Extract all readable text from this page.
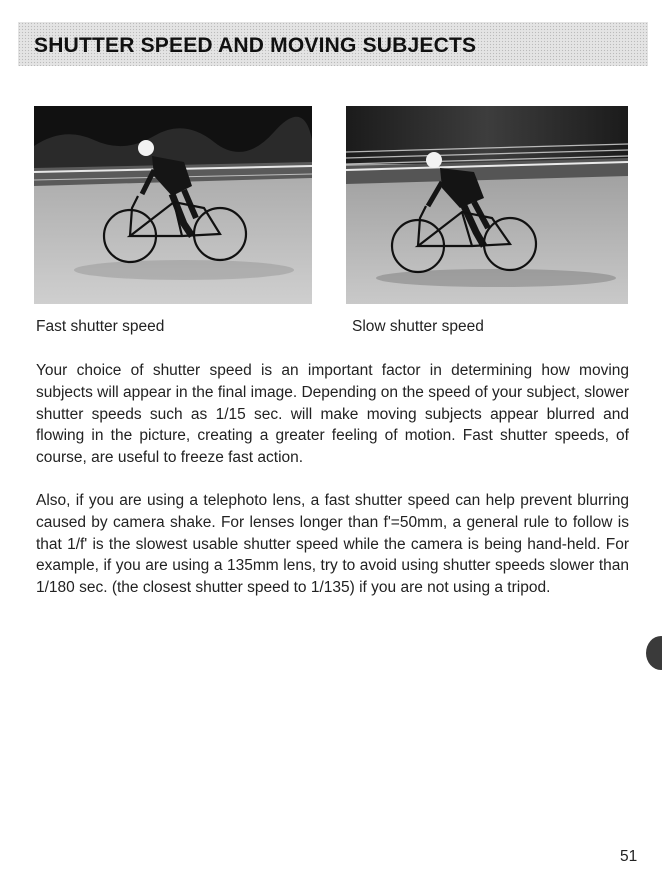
SHUTTER SPEED AND MOVING SUBJECTS
Fast shutter speed	Slow shutter speed

Your choice of shutter speed is an important factor in determining how moving subjects will appear in the final image. Depending on the speed of your subject, slower shutter speeds such as 1/15 sec. will make moving subjects appear blurred and flowing in the picture, creating a greater feeling of motion. Fast shutter speeds, of course, are useful to freeze fast action.

Also, if you are using a telephoto lens, a fast shutter speed can help prevent blurring caused by camera shake. For lenses longer than f'=50mm, a general rule to follow is that 1/f' is the slowest usable shutter speed while the camera is being hand-held. For example, if you are using a 135mm lens, try to avoid using shutter speeds slower than 1/180 sec. (the closest shutter speed to 1/135) if you are not using a tripod.

51
